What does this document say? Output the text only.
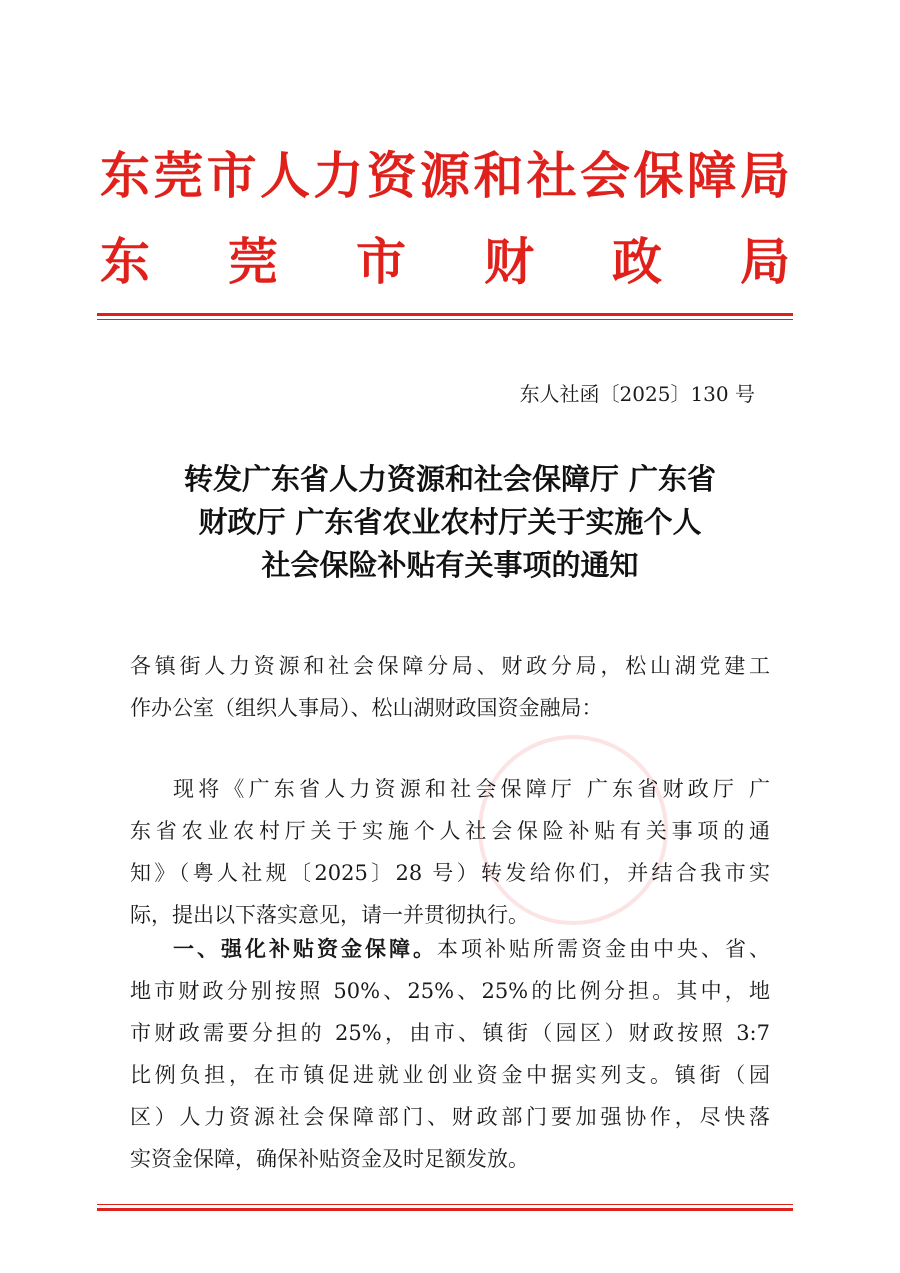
东莞市人力资源和社会保障局
东 莞 市 财 政 局
东人社函〔2025〕130 号
转发广东省人力资源和社会保障厅 广东省
财政厅 广东省农业农村厅关于实施个人
社会保险补贴有关事项的通知
各镇街人力资源和社会保障分局、财政分局，松山湖党建工
作办公室（组织人事局）、松山湖财政国资金融局：
现将《广东省人力资源和社会保障厅 广东省财政厅 广
东省农业农村厅关于实施个人社会保险补贴有关事项的通
知》（粤人社规〔2025〕28 号）转发给你们，并结合我市实
际，提出以下落实意见，请一并贯彻执行。
一、强化补贴资金保障。本项补贴所需资金由中央、省、
地市财政分别按照 50%、25%、25%的比例分担。其中，地
市财政需要分担的 25%，由市、镇街（园区）财政按照 3:7
比例负担，在市镇促进就业创业资金中据实列支。镇街（园
区）人力资源社会保障部门、财政部门要加强协作，尽快落
实资金保障，确保补贴资金及时足额发放。
